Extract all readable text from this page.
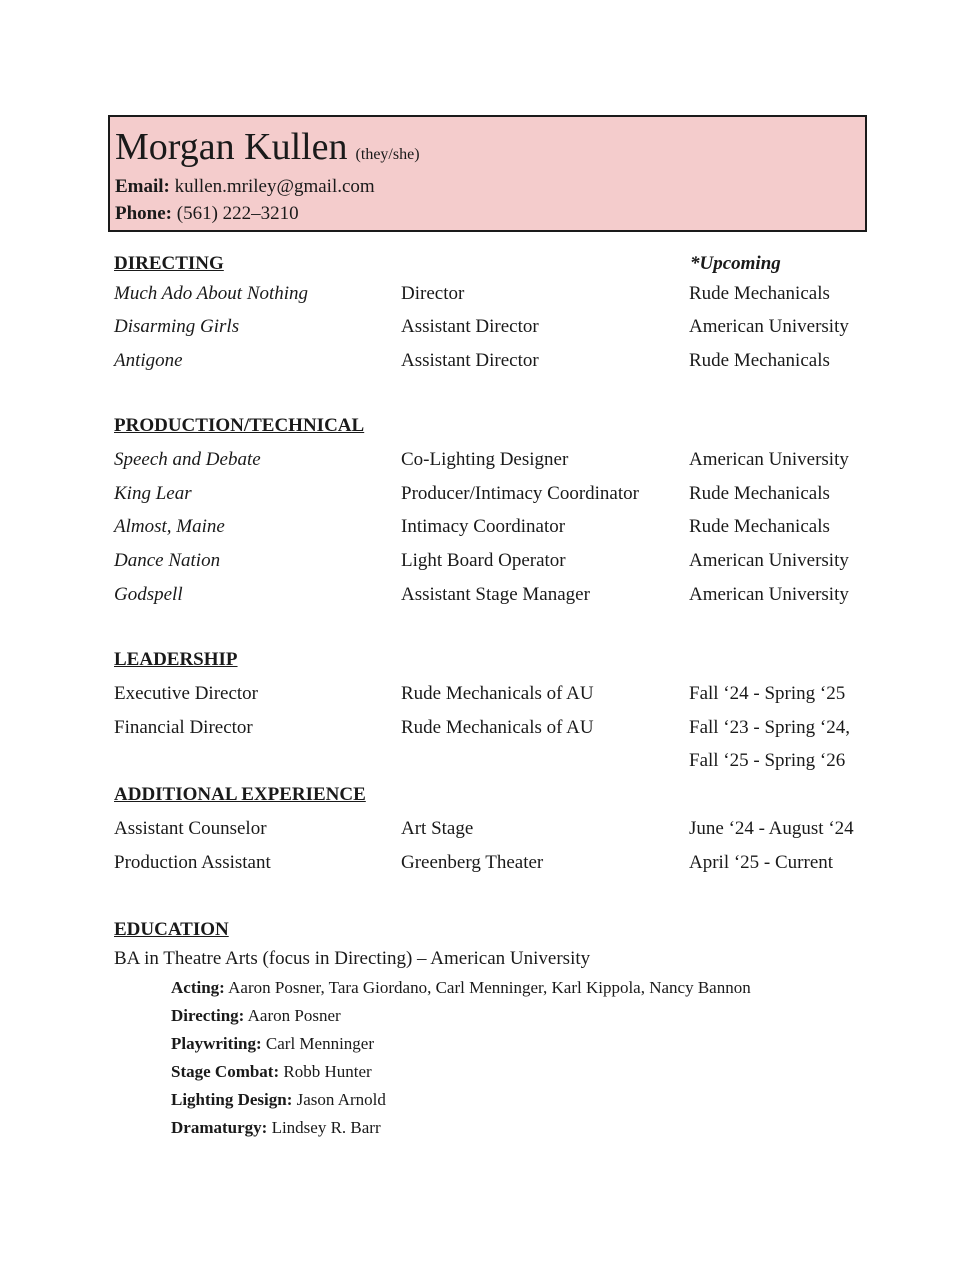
Morgan Kullen (they/she)
Email: kullen.mriley@gmail.com
Phone: (561) 222–3210
DIRECTING	*Upcoming
Much Ado About Nothing	Director	Rude Mechanicals
Disarming Girls	Assistant Director	American University
Antigone	Assistant Director	Rude Mechanicals
PRODUCTION/TECHNICAL
Speech and Debate	Co-Lighting Designer	American University
King Lear	Producer/Intimacy Coordinator	Rude Mechanicals
Almost, Maine	Intimacy Coordinator	Rude Mechanicals
Dance Nation	Light Board Operator	American University
Godspell	Assistant Stage Manager	American University
LEADERSHIP
Executive Director	Rude Mechanicals of AU	Fall ‘24 - Spring ‘25
Financial Director	Rude Mechanicals of AU	Fall ‘23 - Spring ‘24,
Fall ‘25 - Spring ‘26
ADDITIONAL EXPERIENCE
Assistant Counselor	Art Stage	June ‘24 - August ‘24
Production Assistant	Greenberg Theater	April ‘25 - Current
EDUCATION
BA in Theatre Arts (focus in Directing) – American University
Acting: Aaron Posner, Tara Giordano, Carl Menninger, Karl Kippola, Nancy Bannon
Directing: Aaron Posner
Playwriting: Carl Menninger
Stage Combat: Robb Hunter
Lighting Design: Jason Arnold
Dramaturgy: Lindsey R. Barr
